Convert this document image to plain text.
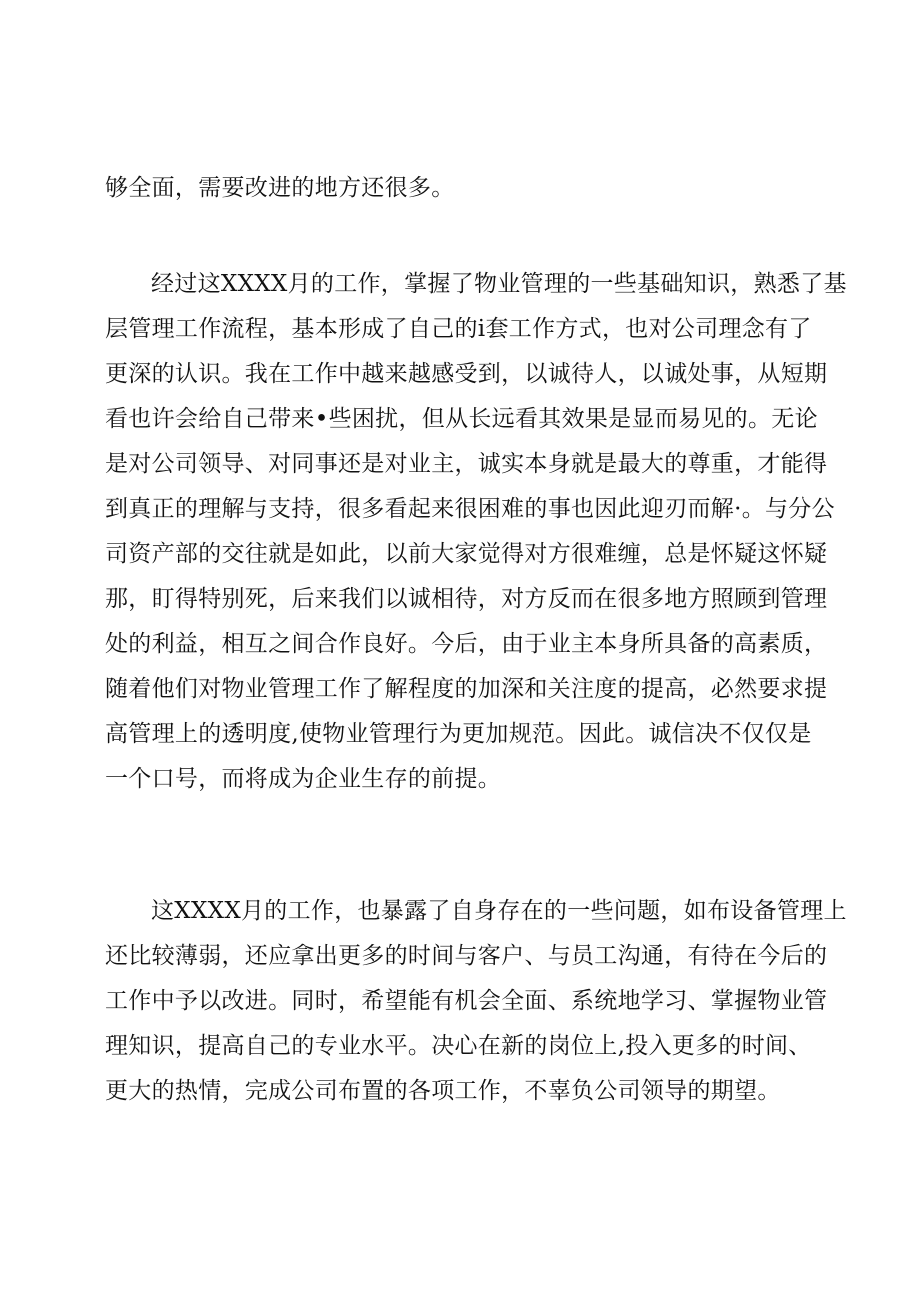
够全面，需要改进的地方还很多。
经过这XXXX月的工作，掌握了物业管理的一些基础知识，熟悉了基
层管理工作流程，基本形成了自己的i套工作方式，也对公司理念有了
更深的认识。我在工作中越来越感受到，以诚待人，以诚处事，从短期
看也许会给自己带来•些困扰，但从长远看其效果是显而易见的。无论
是对公司领导、对同事还是对业主，诚实本身就是最大的尊重，才能得
到真正的理解与支持，很多看起来很困难的事也因此迎刃而解·。与分公
司资产部的交往就是如此，以前大家觉得对方很难缠，总是怀疑这怀疑
那，盯得特别死，后来我们以诚相待，对方反而在很多地方照顾到管理
处的利益，相互之间合作良好。今后，由于业主本身所具备的高素质，
随着他们对物业管理工作了解程度的加深和关注度的提高，必然要求提
高管理上的透明度,使物业管理行为更加规范。因此。诚信决不仅仅是
一个口号，而将成为企业生存的前提。
这XXXX月的工作，也暴露了自身存在的一些问题，如布设备管理上
还比较薄弱，还应拿出更多的时间与客户、与员工沟通，有待在今后的
工作中予以改进。同时，希望能有机会全面、系统地学习、掌握物业管
理知识，提高自己的专业水平。决心在新的岗位上,投入更多的时间、
更大的热情，完成公司布置的各项工作，不辜负公司领导的期望。
